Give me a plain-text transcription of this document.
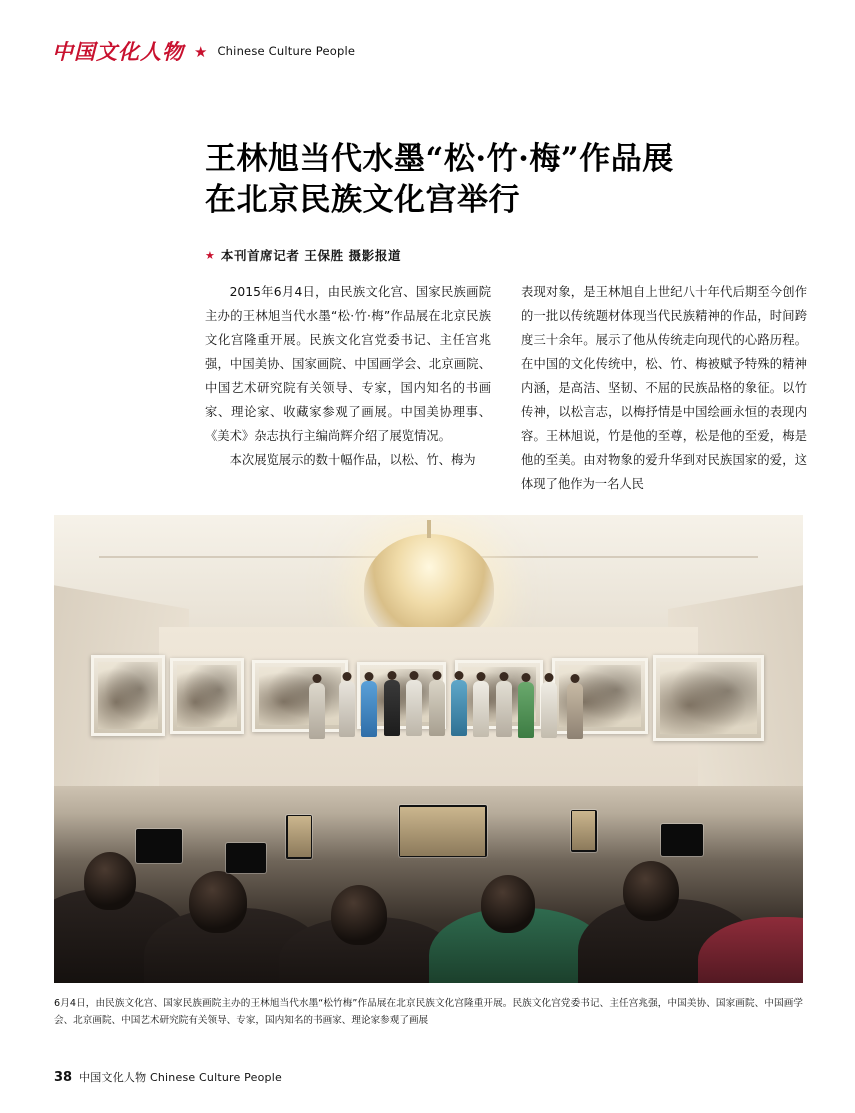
中国文化人物 ★ Chinese Culture People
王林旭当代水墨“松·竹·梅”作品展
在北京民族文化宫举行
★ 本刊首席记者 王保胜 摄影报道

2015年6月4日，由民族文化宫、国家民族画院主办的王林旭当代水墨“松·竹·梅”作品展在北京民族文化宫隆重开展。民族文化宫党委书记、主任宫兆强，中国美协、国家画院、中国画学会、北京画院、中国艺术研究院有关领导、专家，国内知名的书画家、理论家、收藏家参观了画展。中国美协理事、《美术》杂志执行主编尚辉介绍了展览情况。

本次展览展示的数十幅作品，以松、竹、梅为

表现对象，是王林旭自上世纪八十年代后期至今创作的一批以传统题材体现当代民族精神的作品，时间跨度三十余年。展示了他从传统走向现代的心路历程。在中国的文化传统中，松、竹、梅被赋予特殊的精神内涵，是高洁、坚韧、不屈的民族品格的象征。以竹传神，以松言志，以梅抒情是中国绘画永恒的表现内容。王林旭说，竹是他的至尊，松是他的至爱，梅是他的至美。由对物象的爱升华到对民族国家的爱，这体现了他作为一名人民

6月4日，由民族文化宫、国家民族画院主办的王林旭当代水墨“松竹梅”作品展在北京民族文化宫隆重开展。民族文化宫党委书记、主任宫兆强，中国美协、国家画院、中国画学会、北京画院、中国艺术研究院有关领导、专家，国内知名的书画家、理论家参观了画展
38 中国文化人物 Chinese Culture People
